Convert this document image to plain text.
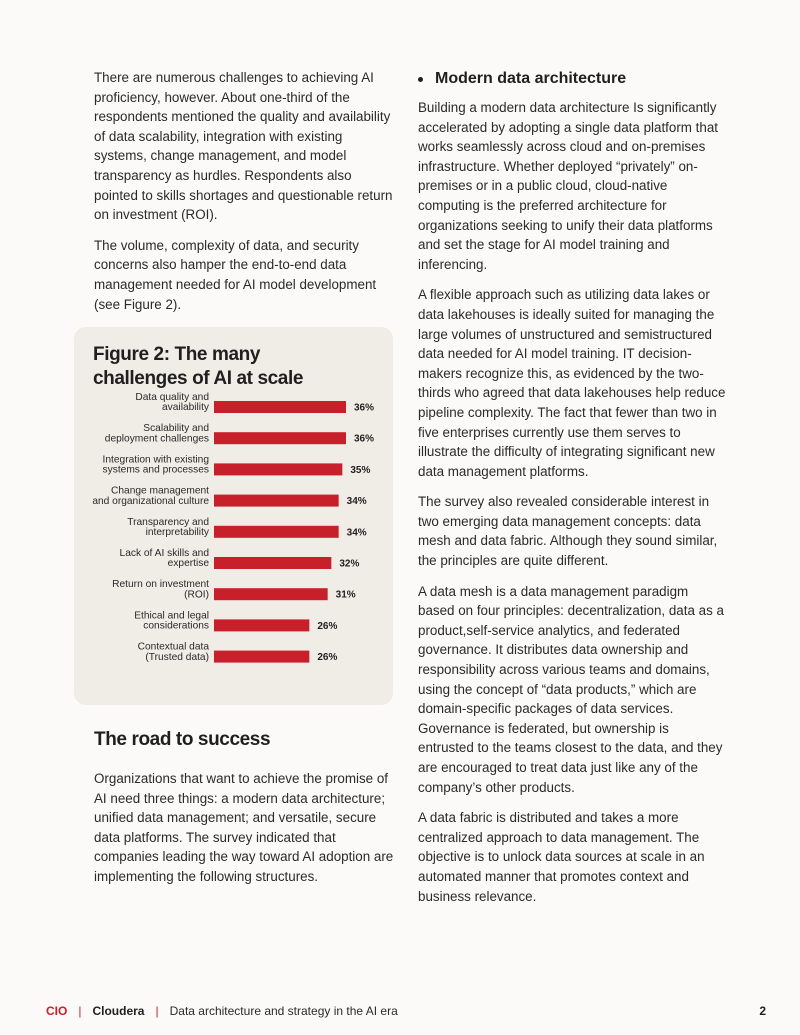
There are numerous challenges to achieving AI proficiency, however. About one-third of the respondents mentioned the quality and availability of data scalability, integration with existing systems, change management, and model transparency as hurdles. Respondents also pointed to skills shortages and questionable return on investment (ROI).

The volume, complexity of data, and security concerns also hamper the end-to-end data management needed for AI model development (see Figure 2).

Figure 2: The many challenges of AI at scale
Data quality and
availability	36%
Scalability and
deployment challenges	36%
Integration with existing
systems and processes	35%
Change management
and organizational culture	34%
Transparency and
interpretability	34%
Lack of AI skills and
expertise	32%
Return on investment
(ROI)	31%
Ethical and legal
considerations	26%
Contextual data
(Trusted data)	26%
The road to success

Organizations that want to achieve the promise of AI need three things: a modern data architecture; unified data management; and versatile, secure data platforms. The survey indicated that companies leading the way toward AI adoption are implementing the following structures.

Modern data architecture

Building a modern data architecture Is significantly accelerated by adopting a single data platform that works seamlessly across cloud and on-premises infrastructure. Whether deployed “privately” on-premises or in a public cloud, cloud-native computing is the preferred architecture for organizations seeking to unify their data platforms and set the stage for AI model training and inferencing.

A flexible approach such as utilizing data lakes or data lakehouses is ideally suited for managing the large volumes of unstructured and semistructured data needed for AI model training. IT decision-makers recognize this, as evidenced by the two-thirds who agreed that data lakehouses help reduce pipeline complexity. The fact that fewer than two in five enterprises currently use them serves to illustrate the difficulty of integrating significant new data management platforms.

The survey also revealed considerable interest in two emerging data management concepts: data mesh and data fabric. Although they sound similar, the principles are quite different.

A data mesh is a data management paradigm based on four principles: decentralization, data as a product,self-service analytics, and federated governance. It distributes data ownership and responsibility across various teams and domains, using the concept of “data products,” which are domain-specific packages of data services. Governance is federated, but ownership is entrusted to the teams closest to the data, and they are encouraged to treat data just like any of the company’s other products.

A data fabric is distributed and takes a more centralized approach to data management. The objective is to unlock data sources at scale in an automated manner that promotes context and business relevance.

CIO | Cloudera | Data architecture and strategy in the AI era	2
